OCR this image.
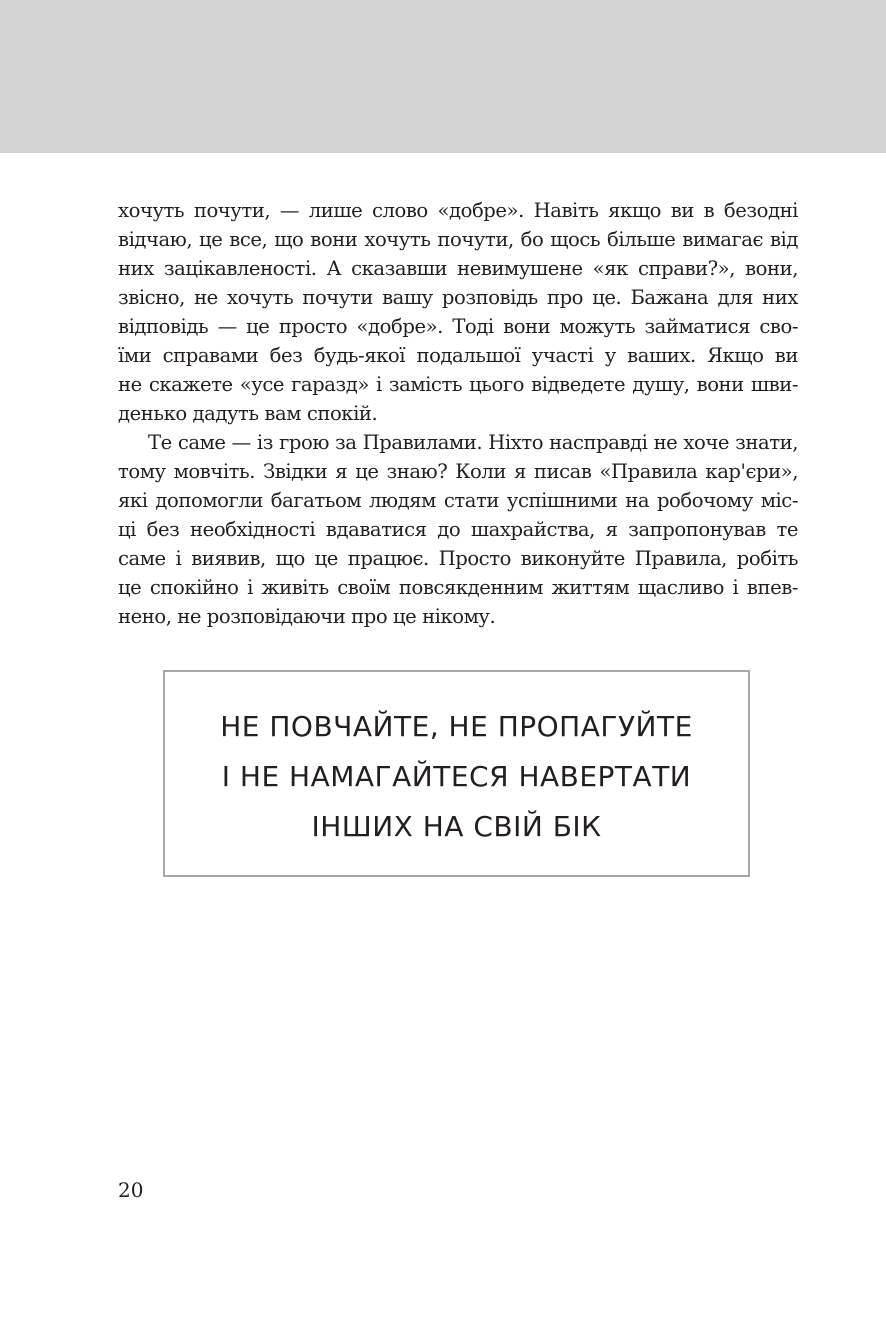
хочуть почути, — лише слово «добре». Навіть якщо ви в безодні
відчаю, це все, що вони хочуть почути, бо щось більше вимагає від
них зацікавленості. А сказавши невимушене «як справи?», вони,
звісно, не хочуть почути вашу розповідь про це. Бажана для них
відповідь — це просто «добре». Тоді вони можуть займатися сво-
їми справами без будь-якої подальшої участі у ваших. Якщо ви
не скажете «усе гаразд» і замість цього відведете душу, вони шви-
денько дадуть вам спокій.
Те саме — із грою за Правилами. Ніхто насправді не хоче знати,
тому мовчіть. Звідки я це знаю? Коли я писав «Правила кар'єри»,
які допомогли багатьом людям стати успішними на робочому міс-
ці без необхідності вдаватися до шахрайства, я запропонував те
саме і виявив, що це працює. Просто виконуйте Правила, робіть
це спокійно і живіть своїм повсякденним життям щасливо і впев-
нено, не розповідаючи про це нікому.
НЕ ПОВЧАЙТЕ, НЕ ПРОПАГУЙТЕ
І НЕ НАМАГАЙТЕСЯ НАВЕРТАТИ
ІНШИХ НА СВІЙ БІК
20
